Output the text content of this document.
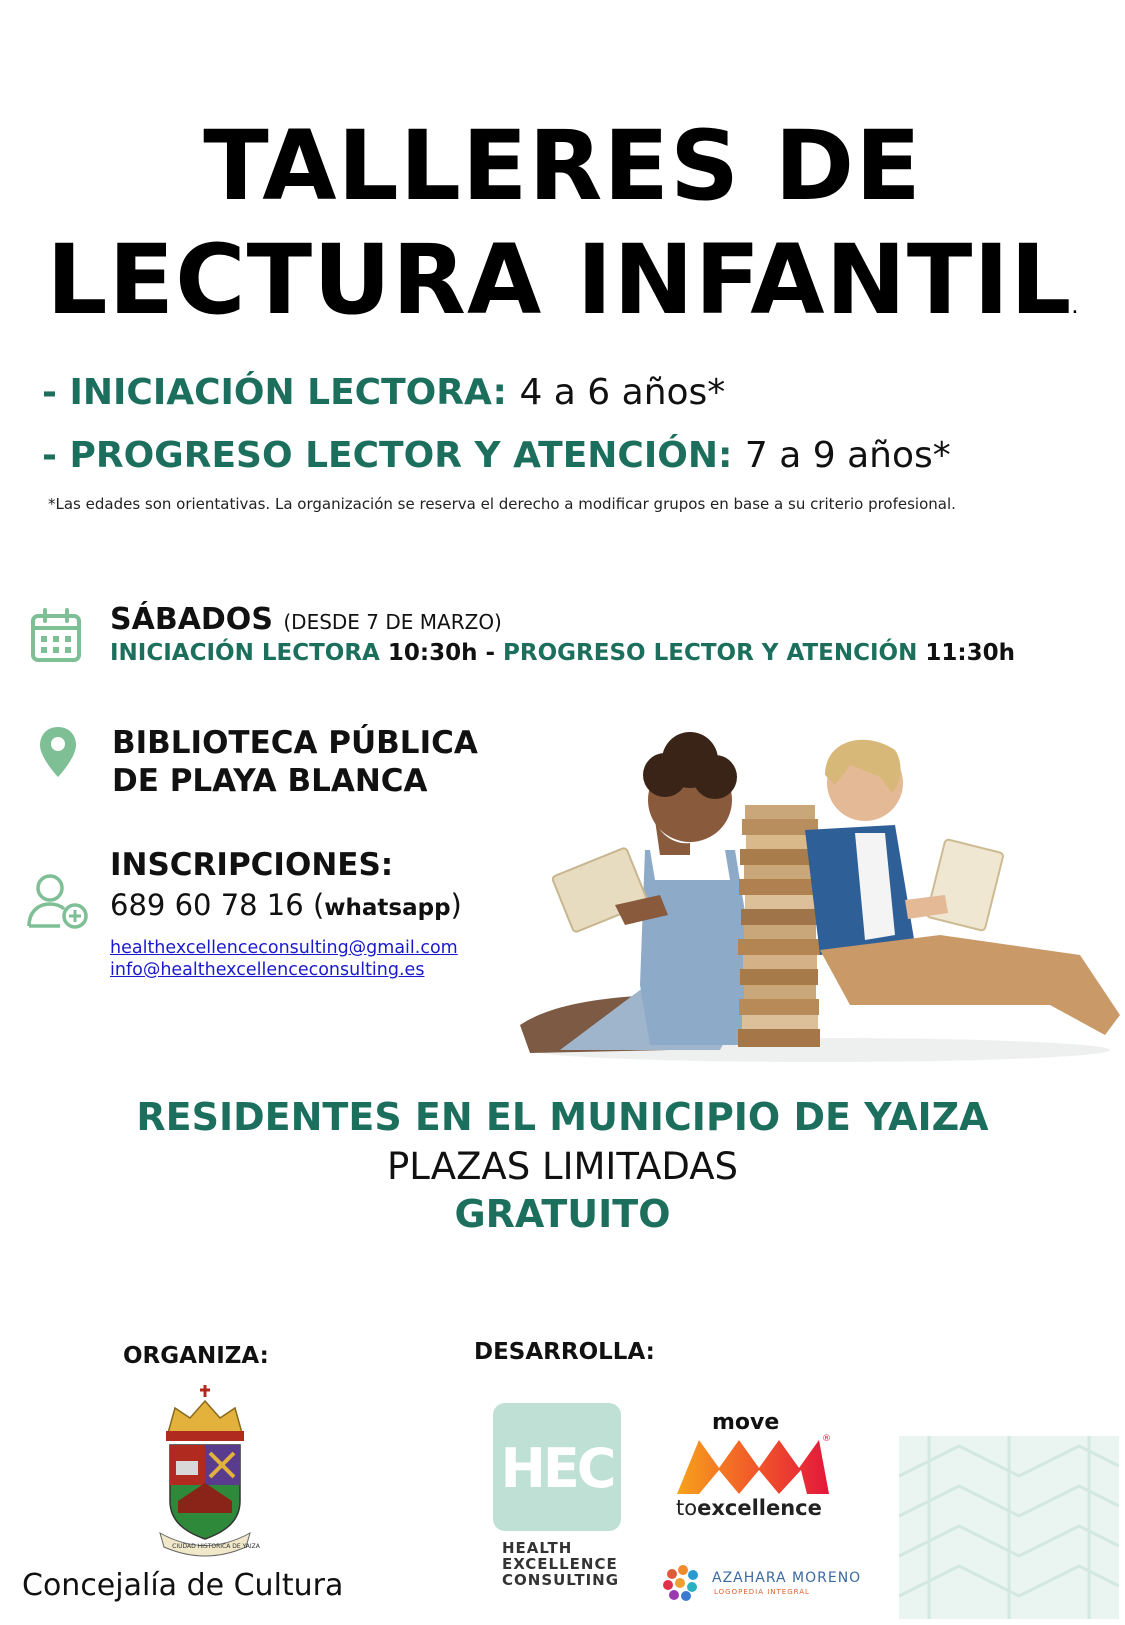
TALLERES DE
LECTURA INFANTIL.
- INICIACIÓN LECTORA: 4 a 6 años*
- PROGRESO LECTOR Y ATENCIÓN: 7 a 9 años*
*Las edades son orientativas. La organización se reserva el derecho a modificar grupos en base a su criterio profesional.
SÁBADOS (DESDE 7 DE MARZO)
INICIACIÓN LECTORA 10:30h - PROGRESO LECTOR Y ATENCIÓN 11:30h
BIBLIOTECA PÚBLICA
DE PLAYA BLANCA
INSCRIPCIONES:
689 60 78 16 (whatsapp)
healthexcellenceconsulting@gmail.com
info@healthexcellenceconsulting.es
RESIDENTES EN EL MUNICIPIO DE YAIZA
PLAZAS LIMITADAS
GRATUITO
ORGANIZA:	DESARROLLA:
CIUDAD HISTORICA DE YAIZA
Concejalía de Cultura
HEC
HEALTH
EXCELLENCE
CONSULTING
move
®
toexcellence
AZAHARA MORENO
LOGOPEDIA INTEGRAL
